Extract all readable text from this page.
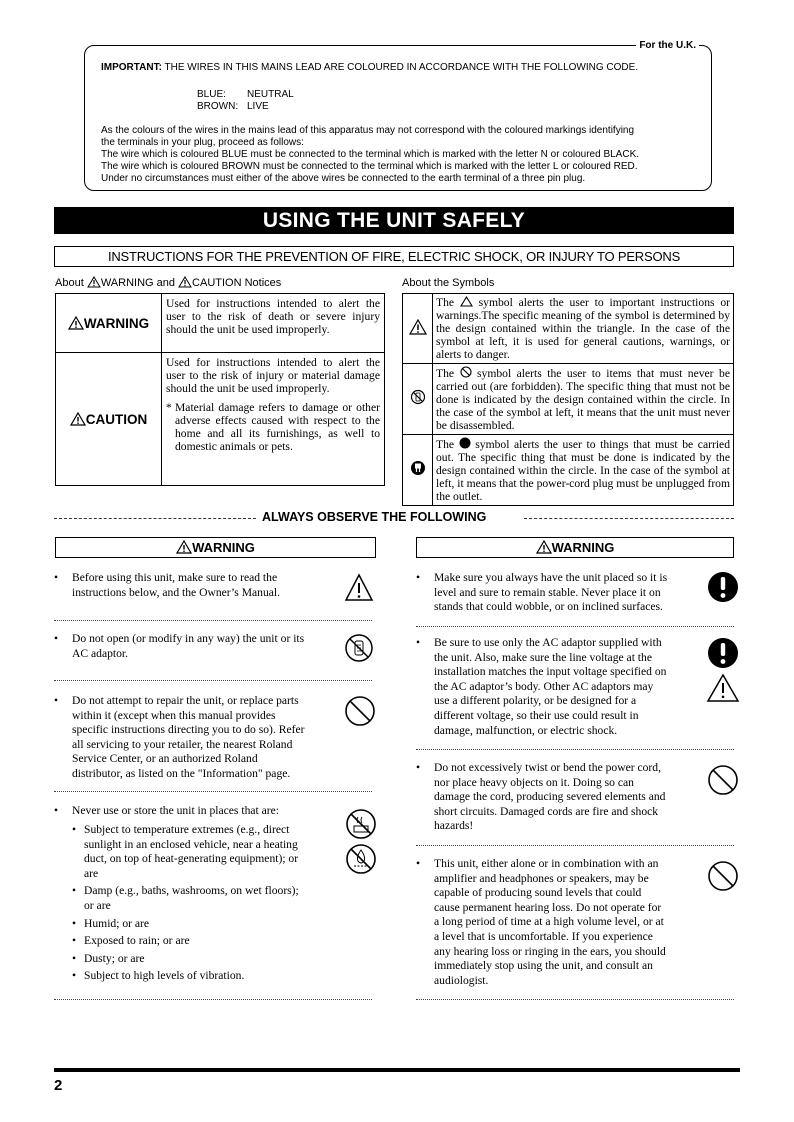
For the U.K.
IMPORTANT: THE WIRES IN THIS MAINS LEAD ARE COLOURED IN ACCORDANCE WITH THE FOLLOWING CODE.
BLUE:	NEUTRAL
BROWN:	LIVE
As the colours of the wires in the mains lead of this apparatus may not correspond with the coloured markings identifying
the terminals in your plug, proceed as follows:
The wire which is coloured BLUE must be connected to the terminal which is marked with the letter N or coloured BLACK.
The wire which is coloured BROWN must be connected to the terminal which is marked with the letter L or coloured RED.
Under no circumstances must either of the above wires be connected to the earth terminal of a three pin plug.
USING THE UNIT SAFELY
INSTRUCTIONS FOR THE PREVENTION OF FIRE, ELECTRIC SHOCK, OR INJURY TO PERSONS
About WARNING and CAUTION Notices
WARNING	Used for instructions intended to alert the user to the risk of death or severe injury should the unit be used improperly.
CAUTION	Used for instructions intended to alert the user to the risk of injury or material damage should the unit be used improperly.
* Material damage refers to damage or other adverse effects caused with respect to the home and all its furnishings, as well to domestic animals or pets.
About the Symbols
	The  symbol alerts the user to important instructions or warnings.The specific meaning of the symbol is determined by the design contained within the triangle. In the case of the symbol at left, it is used for general cautions, warnings, or alerts to danger.
	The  symbol alerts the user to items that must never be carried out (are forbidden). The specific thing that must not be done is indicated by the design contained within the circle. In the case of the symbol at left, it means that the unit must never be disassembled.
	The  symbol alerts the user to things that must be carried out. The specific thing that must be done is indicated by the design contained within the circle. In the case of the symbol at left, it means that the power-cord plug must be unplugged from the outlet.
ALWAYS OBSERVE THE FOLLOWING
WARNING
• Before using this unit, make sure to read the
instructions below, and the Owner’s Manual.
• Do not open (or modify in any way) the unit or its
AC adaptor.
• Do not attempt to repair the unit, or replace parts
within it (except when this manual provides
specific instructions directing you to do so). Refer
all servicing to your retailer, the nearest Roland
Service Center, or an authorized Roland
distributor, as listed on the "Information" page.
• Never use or store the unit in places that are:
• Subject to temperature extremes (e.g., direct
sunlight in an enclosed vehicle, near a heating
duct, on top of heat-generating equipment); or
are
• Damp (e.g., baths, washrooms, on wet floors);
or are
• Humid; or are
• Exposed to rain; or are
• Dusty; or are
• Subject to high levels of vibration.
WARNING
• Make sure you always have the unit placed so it is
level and sure to remain stable. Never place it on
stands that could wobble, or on inclined surfaces.
• Be sure to use only the AC adaptor supplied with
the unit. Also, make sure the line voltage at the
installation matches the input voltage specified on
the AC adaptor’s body. Other AC adaptors may
use a different polarity, or be designed for a
different voltage, so their use could result in
damage, malfunction, or electric shock.
• Do not excessively twist or bend the power cord,
nor place heavy objects on it. Doing so can
damage the cord, producing severed elements and
short circuits. Damaged cords are fire and shock
hazards!
• This unit, either alone or in combination with an
amplifier and headphones or speakers, may be
capable of producing sound levels that could
cause permanent hearing loss. Do not operate for
a long period of time at a high volume level, or at
a level that is uncomfortable. If you experience
any hearing loss or ringing in the ears, you should
immediately stop using the unit, and consult an
audiologist.
2
